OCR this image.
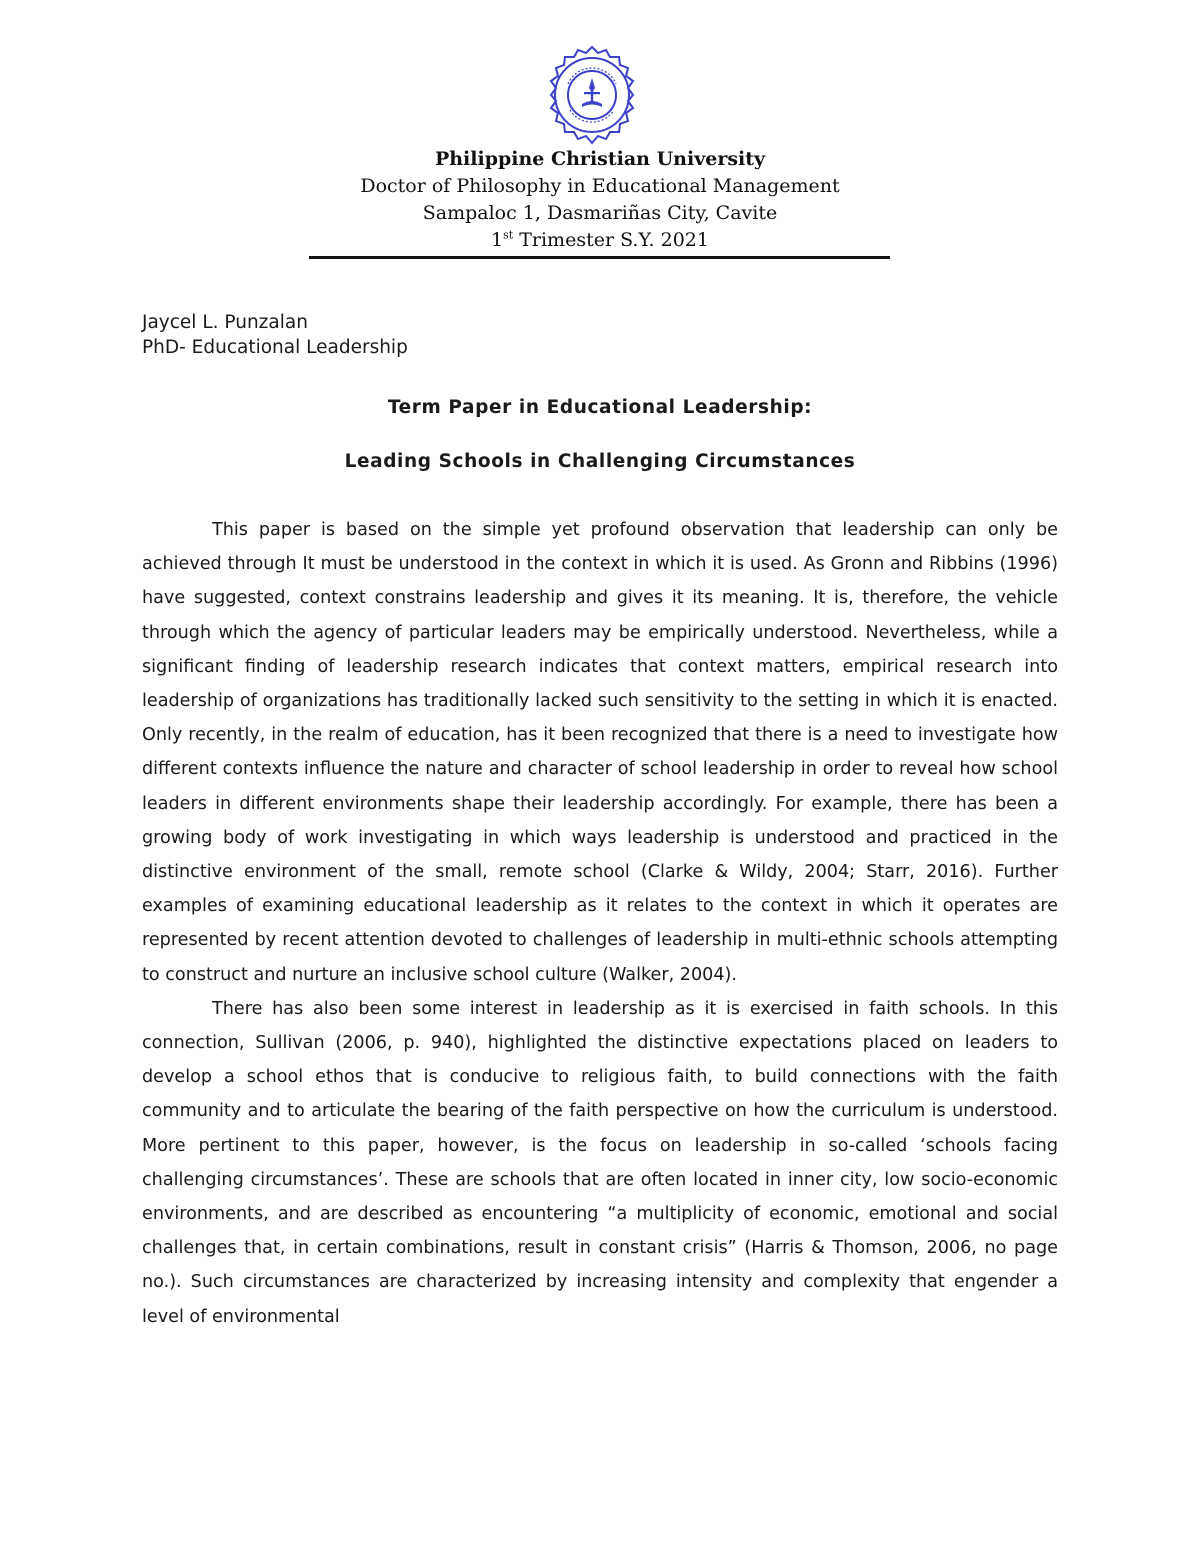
Philippine Christian University
Doctor of Philosophy in Educational Management
Sampaloc 1, Dasmariñas City, Cavite
1st Trimester S.Y. 2021
Jaycel L. Punzalan
PhD- Educational Leadership
Term Paper in Educational Leadership:
Leading Schools in Challenging Circumstances

This paper is based on the simple yet profound observation that leadership can only be achieved through It must be understood in the context in which it is used. As Gronn and Ribbins (1996) have suggested, context constrains leadership and gives it its meaning. It is, therefore, the vehicle through which the agency of particular leaders may be empirically understood. Nevertheless, while a significant finding of leadership research indicates that context matters, empirical research into leadership of organizations has traditionally lacked such sensitivity to the setting in which it is enacted. Only recently, in the realm of education, has it been recognized that there is a need to investigate how different contexts influence the nature and character of school leadership in order to reveal how school leaders in different environments shape their leadership accordingly. For example, there has been a growing body of work investigating in which ways leadership is understood and practiced in the distinctive environment of the small, remote school (Clarke & Wildy, 2004; Starr, 2016). Further examples of examining educational leadership as it relates to the context in which it operates are represented by recent attention devoted to challenges of leadership in multi-ethnic schools attempting to construct and nurture an inclusive school culture (Walker, 2004).

There has also been some interest in leadership as it is exercised in faith schools. In this connection, Sullivan (2006, p. 940), highlighted the distinctive expectations placed on leaders to develop a school ethos that is conducive to religious faith, to build connections with the faith community and to articulate the bearing of the faith perspective on how the curriculum is understood. More pertinent to this paper, however, is the focus on leadership in so-called ‘schools facing challenging circumstances’. These are schools that are often located in inner city, low socio-economic environments, and are described as encountering “a multiplicity of economic, emotional and social challenges that, in certain combinations, result in constant crisis” (Harris & Thomson, 2006, no page no.). Such circumstances are characterized by increasing intensity and complexity that engender a level of environmental
